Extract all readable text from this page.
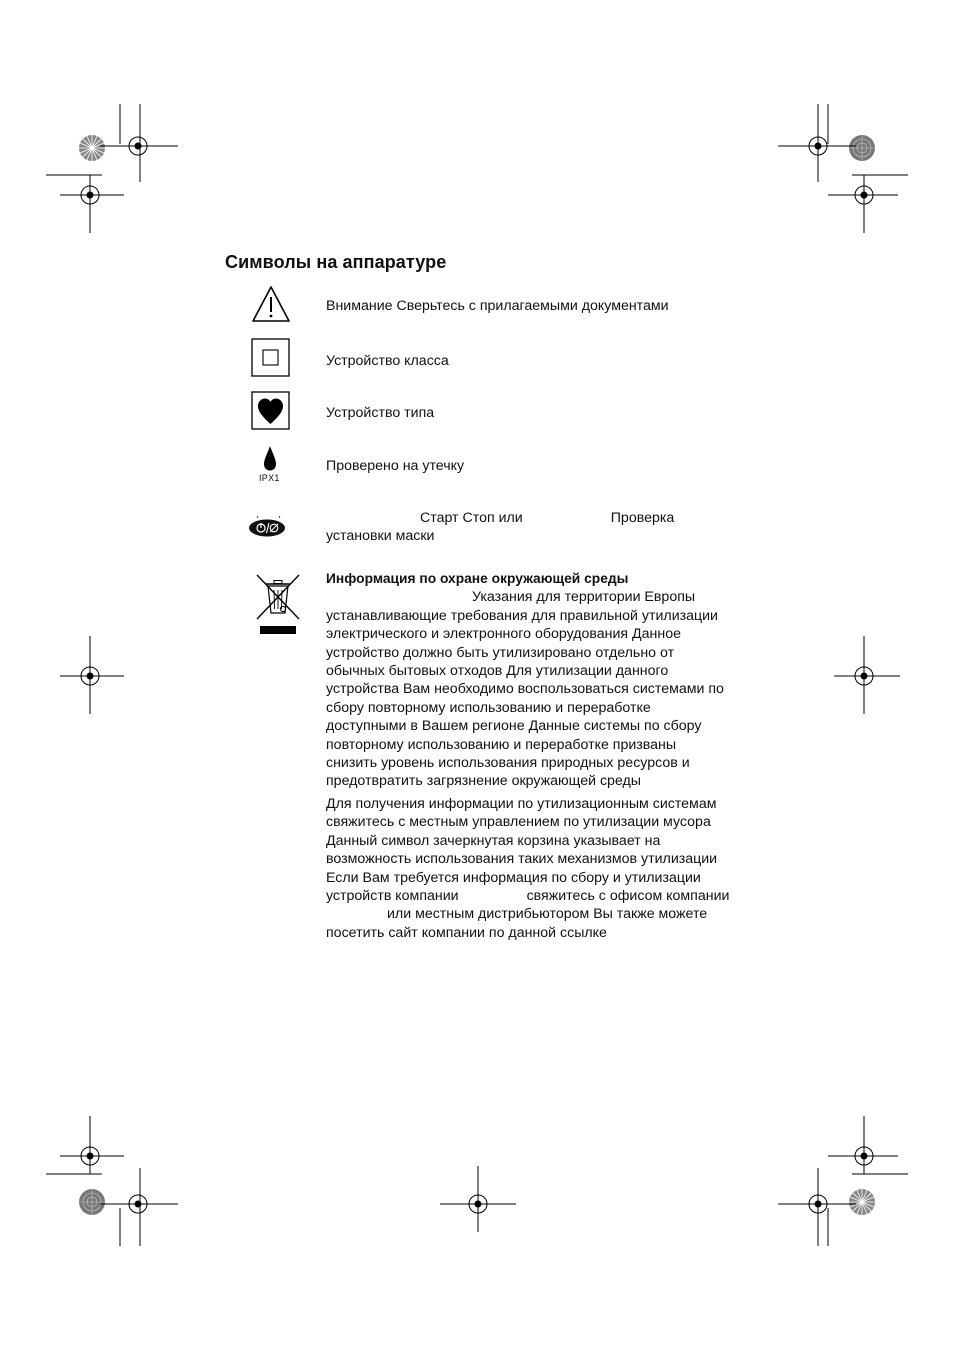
Символы на аппаратуре
Внимание Сверьтесь с прилагаемыми документами
Устройство класса
Устройство типа
IPX1
Проверено на утечку
Старт Стоп или	Проверка
установки маски
Информация по охране окружающей среды

Указания для территории Европы
устанавливающие требования для правильной утилизации
электрического и электронного оборудования Данное
устройство должно быть утилизировано отдельно от
обычных бытовых отходов Для утилизации данного
устройства Вам необходимо воспользоваться системами по
сбору повторному использованию и переработке
доступными в Вашем регионе Данные системы по сбору
повторному использованию и переработке призваны
снизить уровень использования природных ресурсов и
предотвратить загрязнение окружающей среды

Для получения информации по утилизационным системам
свяжитесь с местным управлением по утилизации мусора
Данный символ зачеркнутая корзина указывает на
возможность использования таких механизмов утилизации
Если Вам требуется информация по сбору и утилизации
устройств компании	свяжитесь с офисом компании
или местным дистрибьютором Вы также можете
посетить сайт компании по данной ссылке
